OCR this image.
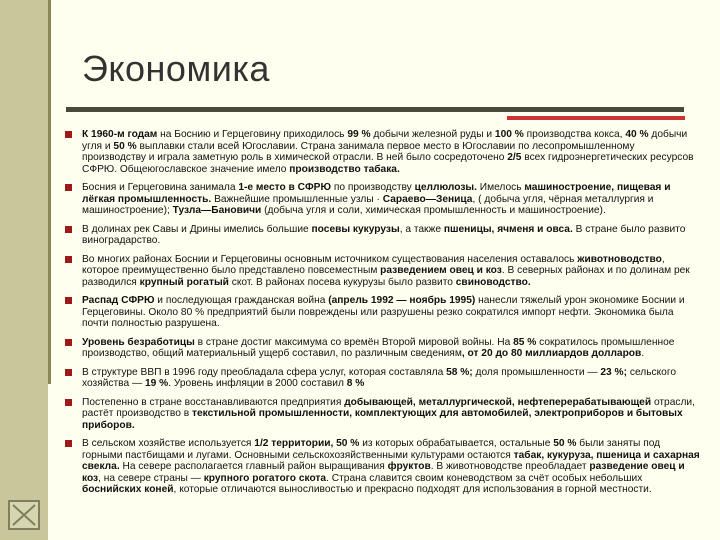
Экономика
К 1960-м годам на Боснию и Герцеговину приходилось 99 % добычи железной руды и 100 % производства кокса, 40 % добычи угля и 50 % выплавки стали всей Югославии. Страна занимала первое место в Югославии по лесопромышленному производству и играла заметную роль в химической отрасли. В ней было сосредоточено 2/5 всех гидроэнергетических ресурсов СФРЮ. Общеюгославское значение имело производство табака.
Босния и Герцеговина занимала 1-е место в СФРЮ по производству целлюлозы. Имелось машиностроение, пищевая и лёгкая промышленность. Важнейшие промышленные узлы · Сараево—Зеница, ( добыча угля, чёрная металлургия и машиностроение); Тузла—Бановичи (добыча угля и соли, химическая промышленность и машиностроение).
В долинах рек Савы и Дрины имелись большие посевы кукурузы, а также пшеницы, ячменя и овса. В стране было развито виноградарство.
Во многих районах Боснии и Герцеговины основным источником существования населения оставалось животноводство, которое преимущественно было представлено повсеместным разведением овец и коз. В северных районах и по долинам рек разводился крупный рогатый скот. В районах посева кукурузы было развито свиноводство.
Распад СФРЮ и последующая гражданская война (апрель 1992 — ноябрь 1995) нанесли тяжелый урон экономике Боснии и Герцеговины. Около 80 % предприятий были повреждены или разрушены резко сократился импорт нефти. Экономика была почти полностью разрушена.
Уровень безработицы в стране достиг максимума со времён Второй мировой войны. На 85 % сократилось промышленное производство, общий материальный ущерб составил, по различным сведениям, от 20 до 80 миллиардов долларов.
В структуре ВВП в 1996 году преобладала сфера услуг, которая составляла 58 %; доля промышленности — 23 %; сельского хозяйства — 19 %. Уровень инфляции в 2000 составил 8 %
Постепенно в стране восстанавливаются предприятия добывающей, металлургической, нефтеперерабатывающей отрасли, растёт производство в текстильной промышленности, комплектующих для автомобилей, электроприборов и бытовых приборов.
В сельском хозяйстве используется 1/2 территории, 50 % из которых обрабатывается, остальные 50 % были заняты под горными пастбищами и лугами. Основными сельскохозяйственными культурами остаются табак, кукуруза, пшеница и сахарная свекла. На севере располагается главный район выращивания фруктов. В животноводстве преобладает разведение овец и коз, на севере страны — крупного рогатого скота. Страна славится своим коневодством за счёт особых небольших боснийских коней, которые отличаются выносливостью и прекрасно подходят для использования в горной местности.
